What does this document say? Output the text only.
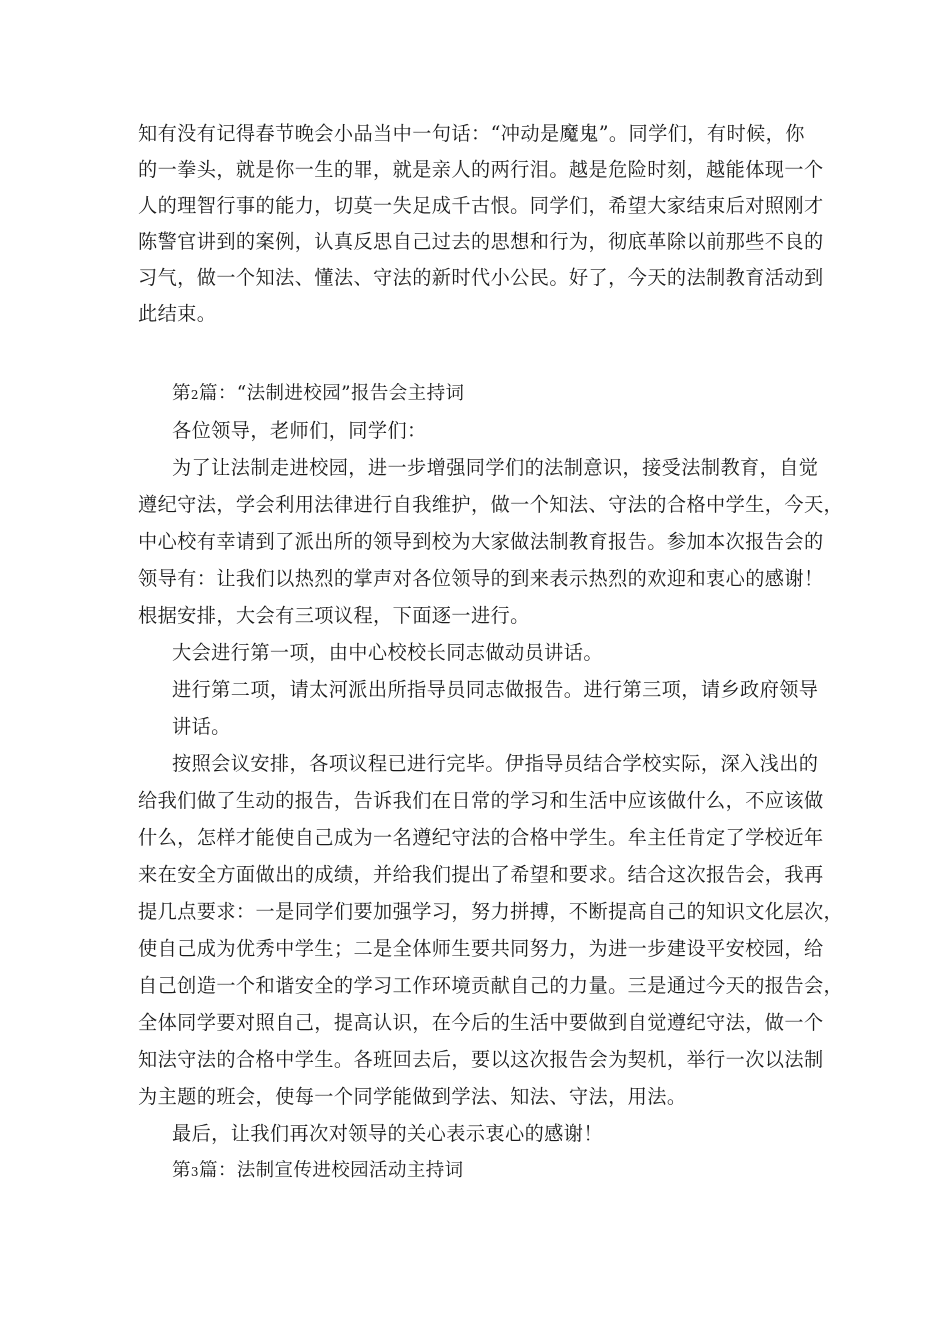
知有没有记得春节晚会小品当中一句话：“冲动是魔鬼”。同学们，有时候，你
的一拳头，就是你一生的罪，就是亲人的两行泪。越是危险时刻，越能体现一个
人的理智行事的能力，切莫一失足成千古恨。同学们，希望大家结束后对照刚才
陈警官讲到的案例，认真反思自己过去的思想和行为，彻底革除以前那些不良的
习气，做一个知法、懂法、守法的新时代小公民。好了，今天的法制教育活动到
此结束。
第2篇：“法制进校园”报告会主持词
各位领导，老师们，同学们：
为了让法制走进校园，进一步增强同学们的法制意识，接受法制教育，自觉
遵纪守法，学会利用法律进行自我维护，做一个知法、守法的合格中学生，今天，
中心校有幸请到了派出所的领导到校为大家做法制教育报告。参加本次报告会的
领导有：让我们以热烈的掌声对各位领导的到来表示热烈的欢迎和衷心的感谢！
根据安排，大会有三项议程，下面逐一进行。
大会进行第一项，由中心校校长同志做动员讲话。
进行第二项，请太河派出所指导员同志做报告。进行第三项，请乡政府领导
讲话。
按照会议安排，各项议程已进行完毕。伊指导员结合学校实际，深入浅出的
给我们做了生动的报告，告诉我们在日常的学习和生活中应该做什么，不应该做
什么，怎样才能使自己成为一名遵纪守法的合格中学生。牟主任肯定了学校近年
来在安全方面做出的成绩，并给我们提出了希望和要求。结合这次报告会，我再
提几点要求：一是同学们要加强学习，努力拼搏，不断提高自己的知识文化层次，
使自己成为优秀中学生；二是全体师生要共同努力，为进一步建设平安校园，给
自己创造一个和谐安全的学习工作环境贡献自己的力量。三是通过今天的报告会，
全体同学要对照自己，提高认识，在今后的生活中要做到自觉遵纪守法，做一个
知法守法的合格中学生。各班回去后，要以这次报告会为契机，举行一次以法制
为主题的班会，使每一个同学能做到学法、知法、守法，用法。
最后，让我们再次对领导的关心表示衷心的感谢！
第3篇：法制宣传进校园活动主持词
